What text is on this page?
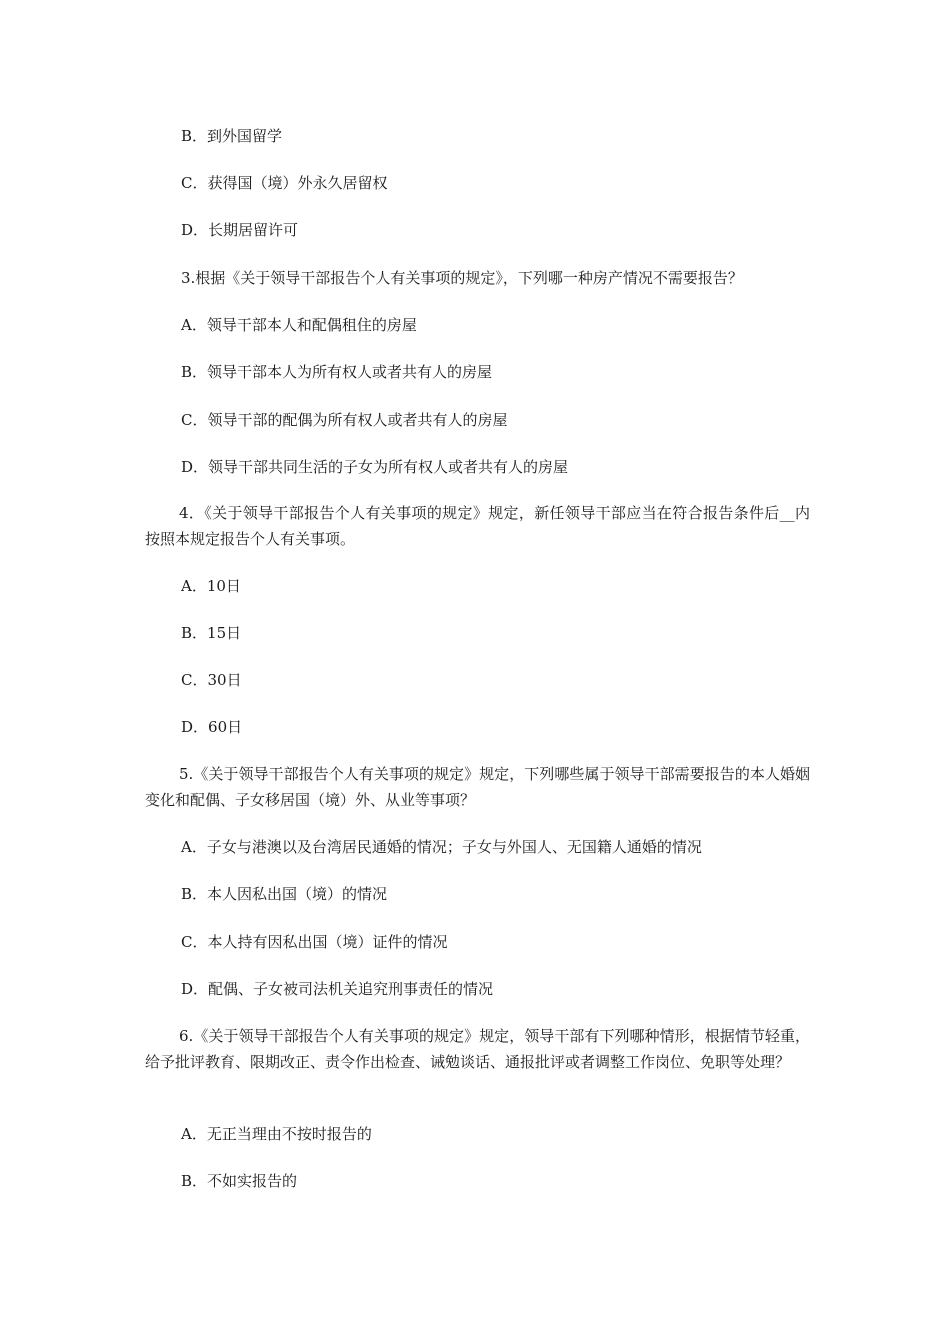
B．到外国留学
C．获得国（境）外永久居留权
D．长期居留许可
3.根据《关于领导干部报告个人有关事项的规定》，下列哪一种房产情况不需要报告？
A．领导干部本人和配偶租住的房屋
B．领导干部本人为所有权人或者共有人的房屋
C．领导干部的配偶为所有权人或者共有人的房屋
D．领导干部共同生活的子女为所有权人或者共有人的房屋
4．《关于领导干部报告个人有关事项的规定》规定，新任领导干部应当在符合报告条件后__内按照本规定报告个人有关事项。
A．10日
B．15日
C．30日
D．60日
5.《关于领导干部报告个人有关事项的规定》规定，下列哪些属于领导干部需要报告的本人婚姻变化和配偶、子女移居国（境）外、从业等事项？
A．子女与港澳以及台湾居民通婚的情况；子女与外国人、无国籍人通婚的情况
B．本人因私出国（境）的情况
C．本人持有因私出国（境）证件的情况
D．配偶、子女被司法机关追究刑事责任的情况
6.《关于领导干部报告个人有关事项的规定》规定，领导干部有下列哪种情形，根据情节轻重，给予批评教育、限期改正、责令作出检查、诫勉谈话、通报批评或者调整工作岗位、免职等处理？
A．无正当理由不按时报告的
B．不如实报告的
